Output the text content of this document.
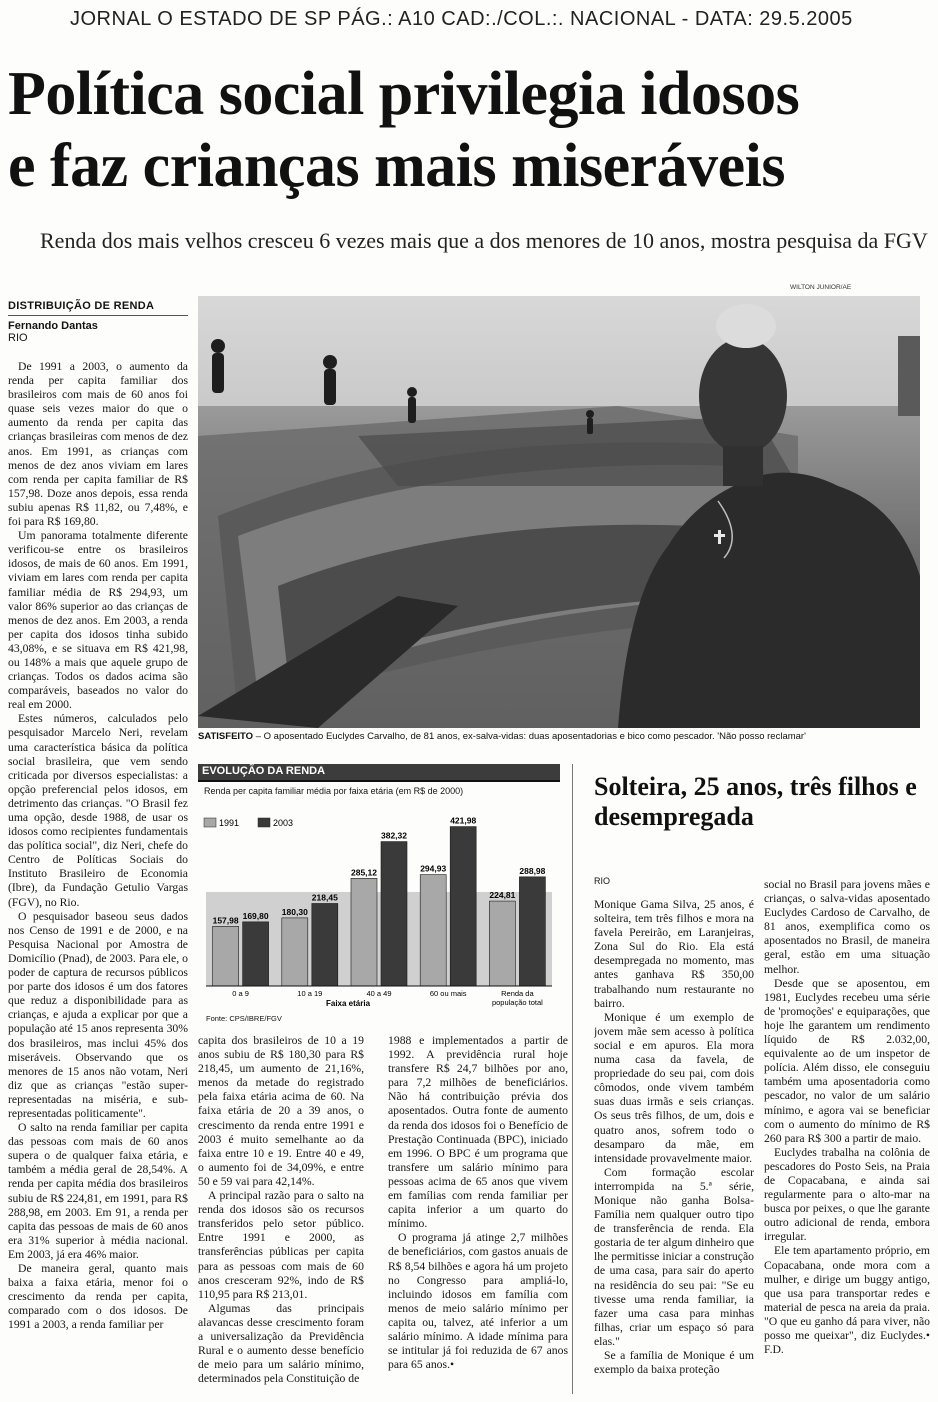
JORNAL O ESTADO DE SP PÁG.: A10 CAD:./COL.:. NACIONAL - DATA: 29.5.2005
Política social privilegia idosos
e faz crianças mais miseráveis
Renda dos mais velhos cresceu 6 vezes mais que a dos menores de 10 anos, mostra pesquisa da FGV
DISTRIBUIÇÃO DE RENDA
Fernando Dantas
RIO

De 1991 a 2003, o aumento da renda per capita familiar dos brasileiros com mais de 60 anos foi quase seis vezes maior do que o aumento da renda per capita das crianças brasileiras com menos de dez anos. Em 1991, as crianças com menos de dez anos viviam em lares com renda per capita familiar de R$ 157,98. Doze anos depois, essa renda subiu apenas R$ 11,82, ou 7,48%, e foi para R$ 169,80.

Um panorama totalmente diferente verificou-se entre os brasileiros idosos, de mais de 60 anos. Em 1991, viviam em lares com renda per capita familiar média de R$ 294,93, um valor 86% superior ao das crianças de menos de dez anos. Em 2003, a renda per capita dos idosos tinha subido 43,08%, e se situava em R$ 421,98, ou 148% a mais que aquele grupo de crianças. Todos os dados acima são comparáveis, baseados no valor do real em 2000.

Estes números, calculados pelo pesquisador Marcelo Neri, revelam uma característica básica da política social brasileira, que vem sendo criticada por diversos especialistas: a opção preferencial pelos idosos, em detrimento das crianças. "O Brasil fez uma opção, desde 1988, de usar os idosos como recipientes fundamentais das política social", diz Neri, chefe do Centro de Políticas Sociais do Instituto Brasileiro de Economia (Ibre), da Fundação Getulio Vargas (FGV), no Rio.

O pesquisador baseou seus dados nos Censo de 1991 e de 2000, e na Pesquisa Nacional por Amostra de Domicílio (Pnad), de 2003. Para ele, o poder de captura de recursos públicos por parte dos idosos é um dos fatores que reduz a disponibilidade para as crianças, e ajuda a explicar por que a população até 15 anos representa 30% dos brasileiros, mas inclui 45% dos miseráveis. Observando que os menores de 15 anos não votam, Neri diz que as crianças "estão super-representadas na miséria, e sub-representadas politicamente".

O salto na renda familiar per capita das pessoas com mais de 60 anos supera o de qualquer faixa etária, e também a média geral de 28,54%. A renda per capita média dos brasileiros subiu de R$ 224,81, em 1991, para R$ 288,98, em 2003. Em 91, a renda per capita das pessoas de mais de 60 anos era 31% superior à média nacional. Em 2003, já era 46% maior.

De maneira geral, quanto mais baixa a faixa etária, menor foi o crescimento da renda per capita, comparado com o dos idosos. De 1991 a 2003, a renda familiar per

WILTON JUNIOR/AE
SATISFEITO – O aposentado Euclydes Carvalho, de 81 anos, ex-salva-vidas: duas aposentadorias e bico como pescador. 'Não posso reclamar'
EVOLUÇÃO DA RENDA
Renda per capita familiar média por faixa etária (em R$ de 2000)
1991	2003
157,98 169,80
0 a 9
180,30
218,45
10 a 19
285,12
382,32
40 a 49
294,93
421,98
60 ou mais
224,81
288,98
Renda da
população total
Faixa etária
Fonte: CPS/IBRE/FGV

capita dos brasileiros de 10 a 19 anos subiu de R$ 180,30 para R$ 218,45, um aumento de 21,16%, menos da metade do registrado pela faixa etária acima de 60. Na faixa etária de 20 a 39 anos, o crescimento da renda entre 1991 e 2003 é muito semelhante ao da faixa entre 10 e 19. Entre 40 e 49, o aumento foi de 34,09%, e entre 50 e 59 vai para 42,14%.

A principal razão para o salto na renda dos idosos são os recursos transferidos pelo setor público. Entre 1991 e 2000, as transferências públicas per capita para as pessoas com mais de 60 anos cresceram 92%, indo de R$ 110,95 para R$ 213,01.

Algumas das principais alavancas desse crescimento foram a universalização da Previdência Rural e o aumento desse benefício de meio para um salário mínimo, determinados pela Constituição de

1988 e implementados a partir de 1992. A previdência rural hoje transfere R$ 24,7 bilhões por ano, para 7,2 milhões de beneficiários. Não há contribuição prévia dos aposentados. Outra fonte de aumento da renda dos idosos foi o Benefício de Prestação Continuada (BPC), iniciado em 1996. O BPC é um programa que transfere um salário mínimo para pessoas acima de 65 anos que vivem em famílias com renda familiar per capita inferior a um quarto do mínimo.

O programa já atinge 2,7 milhões de beneficiários, com gastos anuais de R$ 8,54 bilhões e agora há um projeto no Congresso para ampliá-lo, incluindo idosos em família com menos de meio salário mínimo per capita ou, talvez, até inferior a um salário mínimo. A idade mínima para se intitular já foi reduzida de 67 anos para 65 anos.•

Solteira, 25 anos, três filhos e desempregada
RIO

Monique Gama Silva, 25 anos, é solteira, tem três filhos e mora na favela Pereirão, em Laranjeiras, Zona Sul do Rio. Ela está desempregada no momento, mas antes ganhava R$ 350,00 trabalhando num restaurante no bairro.

Monique é um exemplo de jovem mãe sem acesso à política social e em apuros. Ela mora numa casa da favela, de propriedade do seu pai, com dois cômodos, onde vivem também suas duas irmãs e seis crianças. Os seus três filhos, de um, dois e quatro anos, sofrem todo o desamparo da mãe, em intensidade provavelmente maior.

Com formação escolar interrompida na 5.ª série, Monique não ganha Bolsa-Família nem qualquer outro tipo de transferência de renda. Ela gostaria de ter algum dinheiro que lhe permitisse iniciar a construção de uma casa, para sair do aperto na residência do seu pai: "Se eu tivesse uma renda familiar, ia fazer uma casa para minhas filhas, criar um espaço só para elas."

Se a família de Monique é um exemplo da baixa proteção

social no Brasil para jovens mães e crianças, o salva-vidas aposentado Euclydes Cardoso de Carvalho, de 81 anos, exemplifica como os aposentados no Brasil, de maneira geral, estão em uma situação melhor.

Desde que se aposentou, em 1981, Euclydes recebeu uma série de 'promoções' e equiparações, que hoje lhe garantem um rendimento líquido de R$ 2.032,00, equivalente ao de um inspetor de polícia. Além disso, ele conseguiu também uma aposentadoria como pescador, no valor de um salário mínimo, e agora vai se beneficiar com o aumento do mínimo de R$ 260 para R$ 300 a partir de maio.

Euclydes trabalha na colônia de pescadores do Posto Seis, na Praia de Copacabana, e ainda sai regularmente para o alto-mar na busca por peixes, o que lhe garante outro adicional de renda, embora irregular.

Ele tem apartamento próprio, em Copacabana, onde mora com a mulher, e dirige um buggy antigo, que usa para transportar redes e material de pesca na areia da praia. "O que eu ganho dá para viver, não posso me queixar", diz Euclydes.• F.D.
